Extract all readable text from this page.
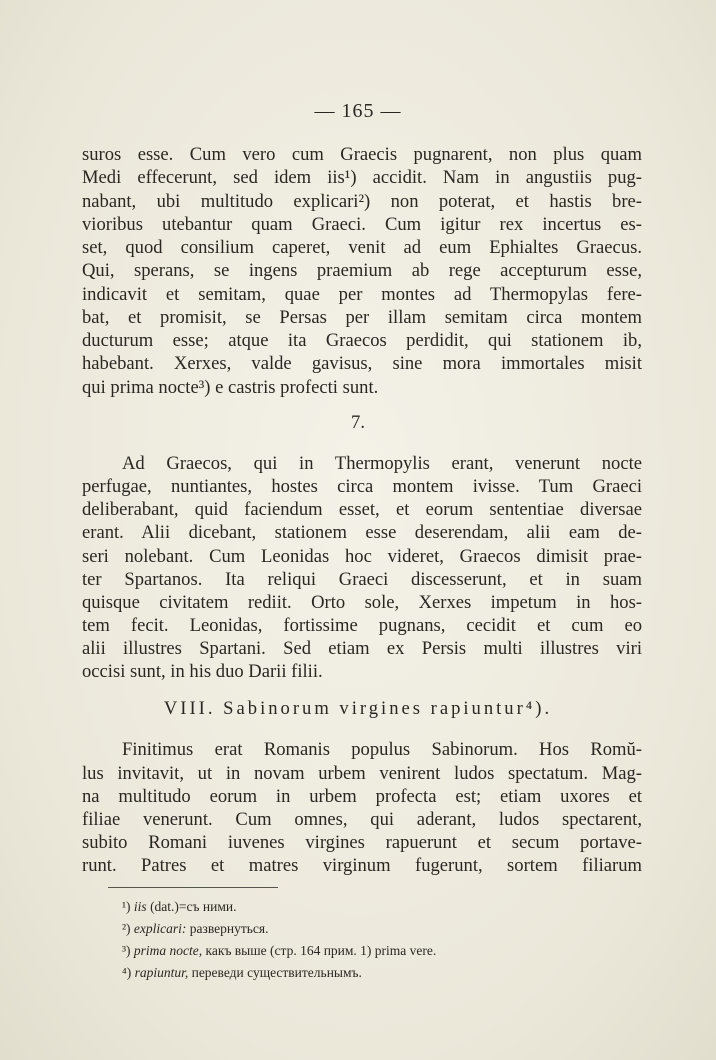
— 165 —
suros esse. Cum vero cum Graecis pugnarent, non plus quam
Medi effecerunt, sed idem iis¹) accidit. Nam in angustiis pug-
nabant, ubi multitudo explicari²) non poterat, et hastis bre-
vioribus utebantur quam Graeci. Cum igitur rex incertus es-
set, quod consilium caperet, venit ad eum Ephialtes Graecus.
Qui, sperans, se ingens praemium ab rege accepturum esse,
indicavit et semitam, quae per montes ad Thermopylas fere-
bat, et promisit, se Persas per illam semitam circa montem
ducturum esse; atque ita Graecos perdidit, qui stationem ib,
habebant. Xerxes, valde gavisus, sine mora immortales misit
qui prima nocte³) e castris profecti sunt.
7.
Ad Graecos, qui in Thermopylis erant, venerunt nocte
perfugae, nuntiantes, hostes circa montem ivisse. Tum Graeci
deliberabant, quid faciendum esset, et eorum sententiae diversae
erant. Alii dicebant, stationem esse deserendam, alii eam de-
seri nolebant. Cum Leonidas hoc videret, Graecos dimisit prae-
ter Spartanos. Ita reliqui Graeci discesserunt, et in suam
quisque civitatem rediit. Orto sole, Xerxes impetum in hos-
tem fecit. Leonidas, fortissime pugnans, cecidit et cum eo
alii illustres Spartani. Sed etiam ex Persis multi illustres viri
occisi sunt, in his duo Darii filii.
VIII. Sabinorum virgines rapiuntur⁴).
Finitimus erat Romanis populus Sabinorum. Hos Romŭ-
lus invitavit, ut in novam urbem venirent ludos spectatum. Mag-
na multitudo eorum in urbem profecta est; etiam uxores et
filiae venerunt. Cum omnes, qui aderant, ludos spectarent,
subito Romani iuvenes virgines rapuerunt et secum portave-
runt. Patres et matres virginum fugerunt, sortem filiarum
¹) iis (dat.)=съ ними.
²) explicari: развернуться.
³) prima nocte, какъ выше (стр. 164 прим. 1) prima vere.
⁴) rapiuntur, переведи существительнымъ.
